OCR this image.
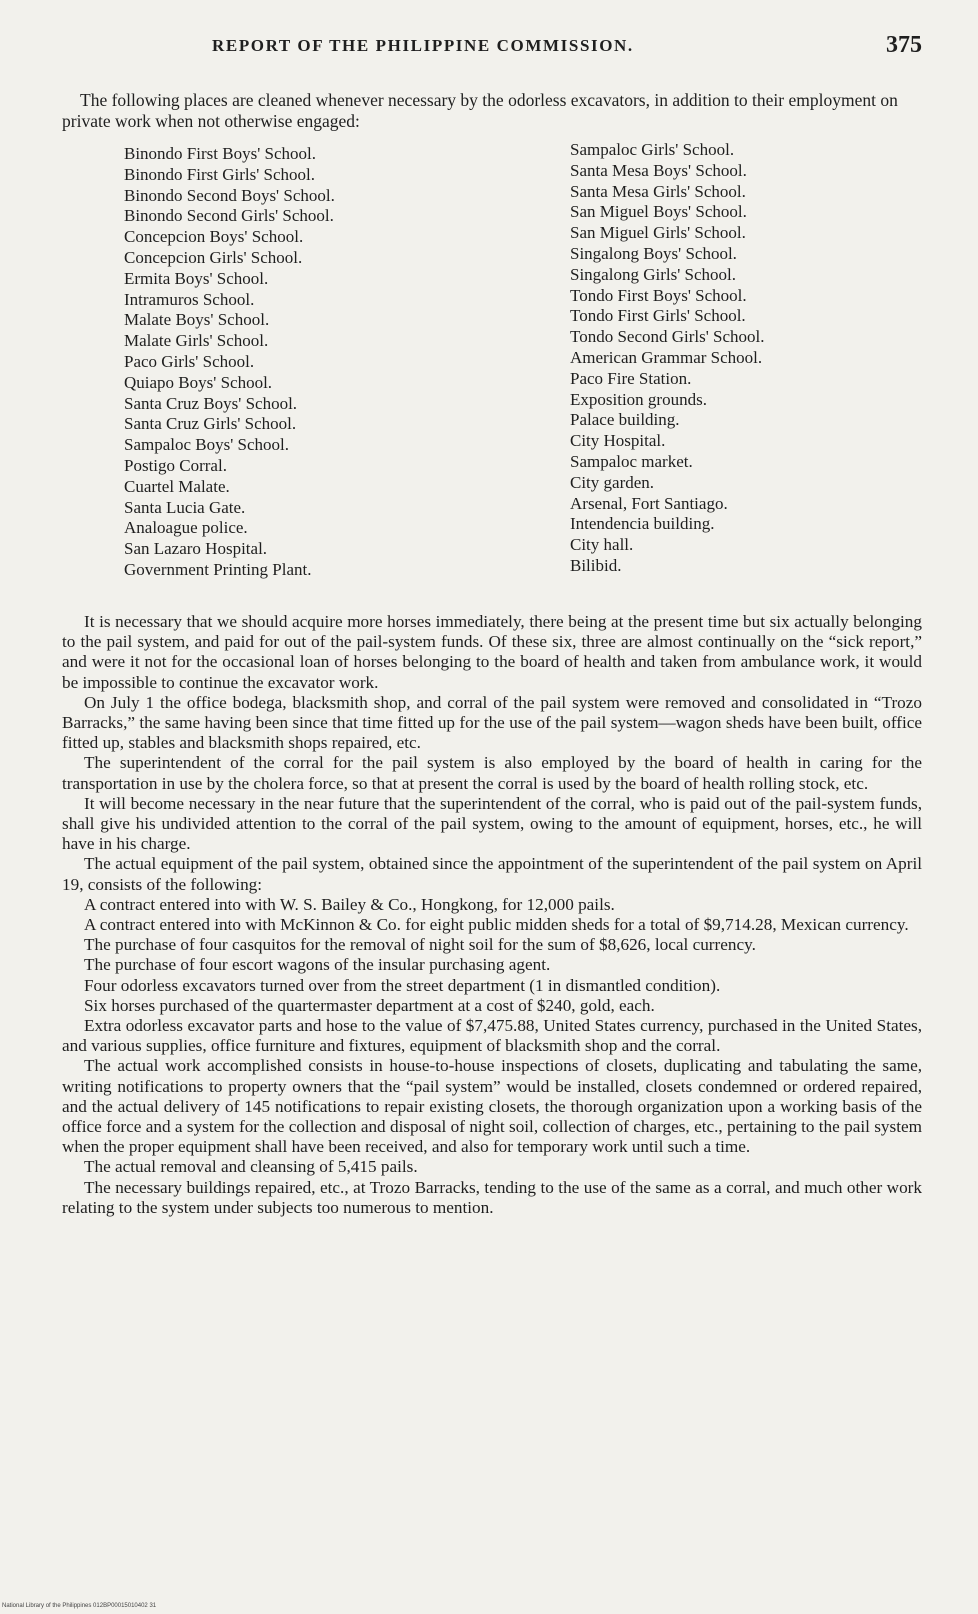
REPORT OF THE PHILIPPINE COMMISSION.	375

The following places are cleaned whenever necessary by the odorless excavators, in addition to their employment on private work when not otherwise engaged:

Binondo First Boys' School.
Binondo First Girls' School.
Binondo Second Boys' School.
Binondo Second Girls' School.
Concepcion Boys' School.
Concepcion Girls' School.
Ermita Boys' School.
Intramuros School.
Malate Boys' School.
Malate Girls' School.
Paco Girls' School.
Quiapo Boys' School.
Santa Cruz Boys' School.
Santa Cruz Girls' School.
Sampaloc Boys' School.
Postigo Corral.
Cuartel Malate.
Santa Lucia Gate.
Analoague police.
San Lazaro Hospital.
Government Printing Plant.
Sampaloc Girls' School.
Santa Mesa Boys' School.
Santa Mesa Girls' School.
San Miguel Boys' School.
San Miguel Girls' School.
Singalong Boys' School.
Singalong Girls' School.
Tondo First Boys' School.
Tondo First Girls' School.
Tondo Second Girls' School.
American Grammar School.
Paco Fire Station.
Exposition grounds.
Palace building.
City Hospital.
Sampaloc market.
City garden.
Arsenal, Fort Santiago.
Intendencia building.
City hall.
Bilibid.

It is necessary that we should acquire more horses immediately, there being at the present time but six actually belonging to the pail system, and paid for out of the pail-system funds. Of these six, three are almost continually on the “sick report,” and were it not for the occasional loan of horses belonging to the board of health and taken from ambulance work, it would be impossible to continue the excavator work.

On July 1 the office bodega, blacksmith shop, and corral of the pail system were removed and consolidated in “Trozo Barracks,” the same having been since that time fitted up for the use of the pail system—wagon sheds have been built, office fitted up, stables and blacksmith shops repaired, etc.

The superintendent of the corral for the pail system is also employed by the board of health in caring for the transportation in use by the cholera force, so that at present the corral is used by the board of health rolling stock, etc.

It will become necessary in the near future that the superintendent of the corral, who is paid out of the pail-system funds, shall give his undivided attention to the corral of the pail system, owing to the amount of equipment, horses, etc., he will have in his charge.

The actual equipment of the pail system, obtained since the appointment of the superintendent of the pail system on April 19, consists of the following:

A contract entered into with W. S. Bailey & Co., Hongkong, for 12,000 pails.

A contract entered into with McKinnon & Co. for eight public midden sheds for a total of $9,714.28, Mexican currency.

The purchase of four casquitos for the removal of night soil for the sum of $8,626, local currency.

The purchase of four escort wagons of the insular purchasing agent.

Four odorless excavators turned over from the street department (1 in dismantled condition).

Six horses purchased of the quartermaster department at a cost of $240, gold, each.

Extra odorless excavator parts and hose to the value of $7,475.88, United States currency, purchased in the United States, and various supplies, office furniture and fixtures, equipment of blacksmith shop and the corral.

The actual work accomplished consists in house-to-house inspections of closets, duplicating and tabulating the same, writing notifications to property owners that the “pail system” would be installed, closets condemned or ordered repaired, and the actual delivery of 145 notifications to repair existing closets, the thorough organization upon a working basis of the office force and a system for the collection and disposal of night soil, collection of charges, etc., pertaining to the pail system when the proper equipment shall have been received, and also for temporary work until such a time.

The actual removal and cleansing of 5,415 pails.

The necessary buildings repaired, etc., at Trozo Barracks, tending to the use of the same as a corral, and much other work relating to the system under subjects too numerous to mention.

National Library of the Philippines 012BP00015010402 31
